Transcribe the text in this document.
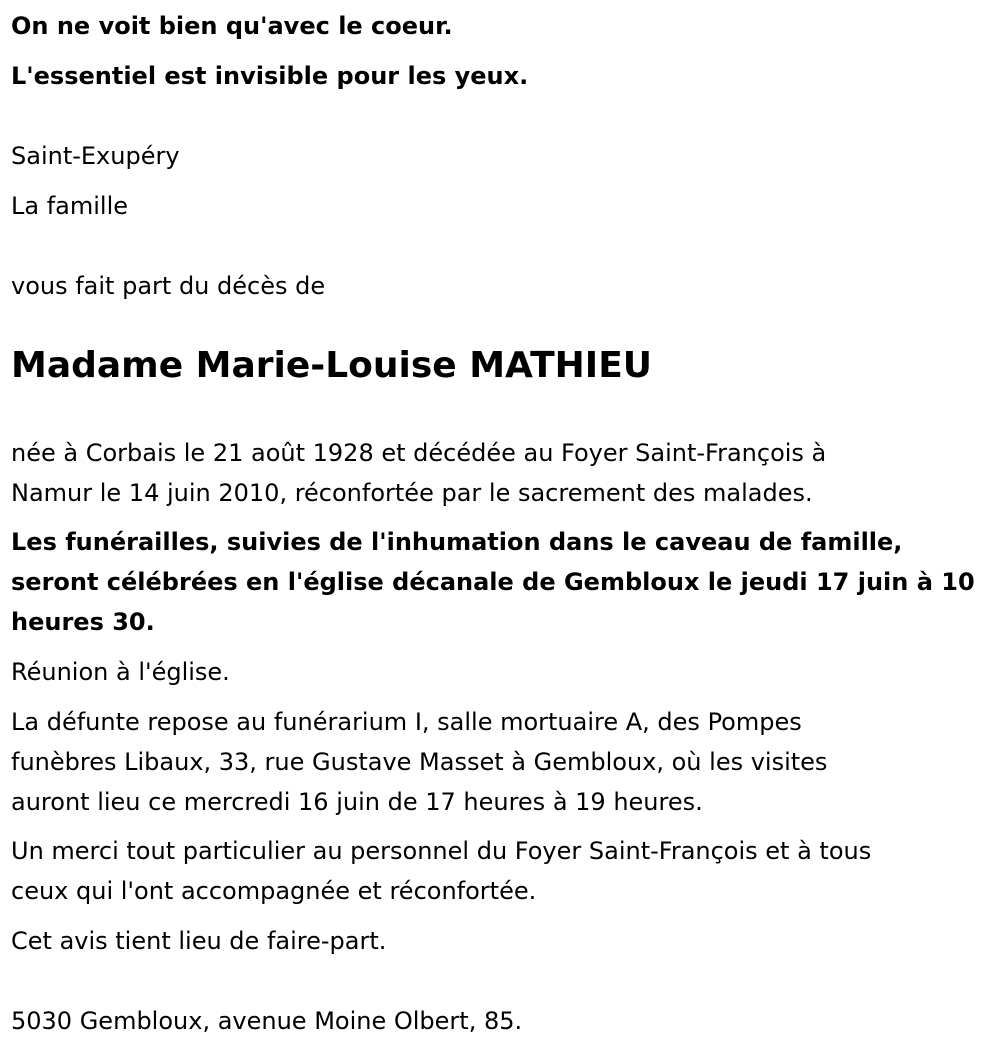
On ne voit bien qu'avec le coeur.

L'essentiel est invisible pour les yeux.

Saint-Exupéry

La famille

vous fait part du décès de

Madame Marie-Louise MATHIEU

née à Corbais le 21 août 1928 et décédée au Foyer Saint-François à

Namur le 14 juin 2010, réconfortée par le sacrement des malades.

Les funérailles, suivies de l'inhumation dans le caveau de famille,

seront célébrées en l'église décanale de Gembloux le jeudi 17 juin à 10

heures 30.

Réunion à l'église.

La défunte repose au funérarium I, salle mortuaire A, des Pompes

funèbres Libaux, 33, rue Gustave Masset à Gembloux, où les visites

auront lieu ce mercredi 16 juin de 17 heures à 19 heures.

Un merci tout particulier au personnel du Foyer Saint-François et à tous

ceux qui l'ont accompagnée et réconfortée.

Cet avis tient lieu de faire-part.

5030 Gembloux, avenue Moine Olbert, 85.
